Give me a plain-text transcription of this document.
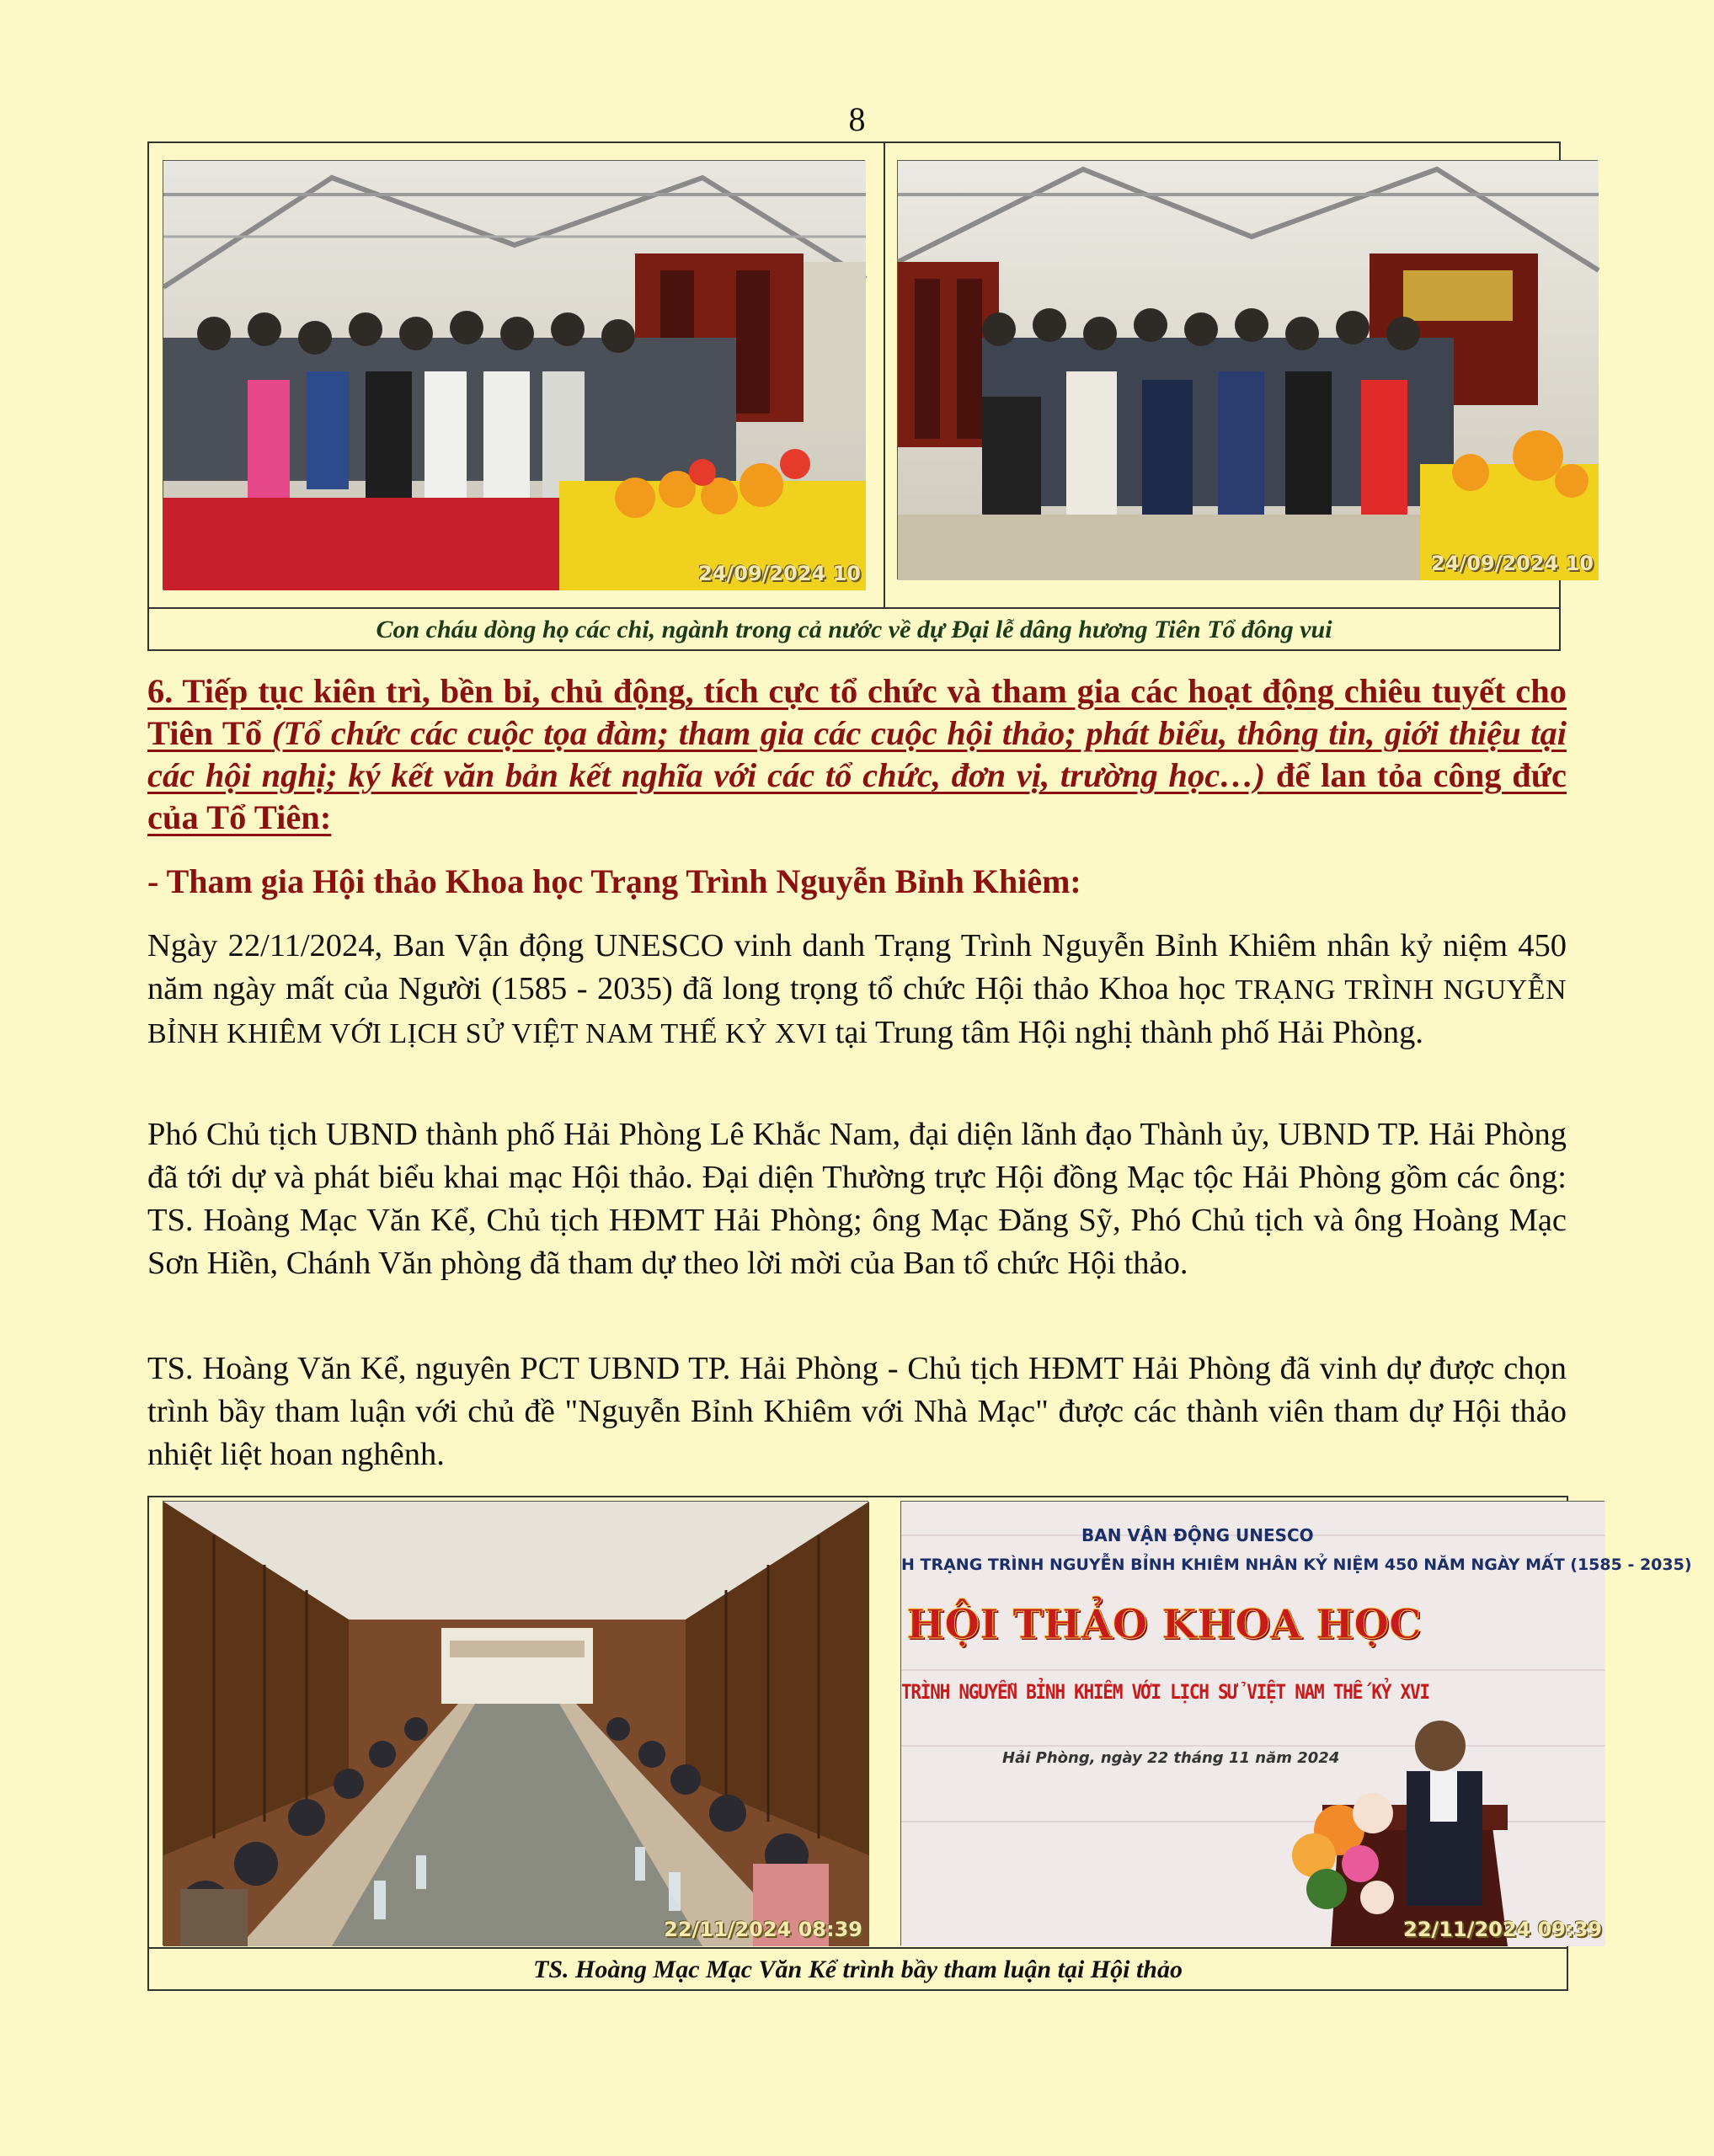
8
24/09/2024 10	24/09/2024 10
Con cháu dòng họ các chi, ngành trong cả nước về dự Đại lễ dâng hương Tiên Tổ đông vui
6. Tiếp tục kiên trì, bền bỉ, chủ động, tích cực tổ chức và tham gia các hoạt động chiêu tuyết cho Tiên Tổ (Tổ chức các cuộc tọa đàm; tham gia các cuộc hội thảo; phát biểu, thông tin, giới thiệu tại các hội nghị; ký kết văn bản kết nghĩa với các tổ chức, đơn vị, trường học…) để lan tỏa công đức của Tổ Tiên:
- Tham gia Hội thảo Khoa học Trạng Trình Nguyễn Bỉnh Khiêm:

Ngày 22/11/2024, Ban Vận động UNESCO vinh danh Trạng Trình Nguyễn Bỉnh Khiêm nhân kỷ niệm 450 năm ngày mất của Người (1585 - 2035) đã long trọng tổ chức Hội thảo Khoa học TRẠNG TRÌNH NGUYỄN BỈNH KHIÊM VỚI LỊCH SỬ VIỆT NAM THẾ KỶ XVI tại Trung tâm Hội nghị thành phố Hải Phòng.

Phó Chủ tịch UBND thành phố Hải Phòng Lê Khắc Nam, đại diện lãnh đạo Thành ủy, UBND TP. Hải Phòng đã tới dự và phát biểu khai mạc Hội thảo. Đại diện Thường trực Hội đồng Mạc tộc Hải Phòng gồm các ông: TS. Hoàng Mạc Văn Kể, Chủ tịch HĐMT Hải Phòng; ông Mạc Đăng Sỹ, Phó Chủ tịch và ông Hoàng Mạc Sơn Hiền, Chánh Văn phòng đã tham dự theo lời mời của Ban tổ chức Hội thảo.

TS. Hoàng Văn Kể, nguyên PCT UBND TP. Hải Phòng - Chủ tịch HĐMT Hải Phòng đã vinh dự được chọn trình bầy tham luận với chủ đề "Nguyễn Bỉnh Khiêm với Nhà Mạc" được các thành viên tham dự Hội thảo nhiệt liệt hoan nghênh.

22/11/2024 08:39
BAN VẬN ĐỘNG UNESCO
H TRẠNG TRÌNH NGUYỄN BỈNH KHIÊM NHÂN KỶ NIỆM 450 NĂM NGÀY MẤT (1585 - 2035)
HỘI THẢO KHOA HỌC
TRÌNH NGUYỄN BỈNH KHIÊM VỚI LỊCH SỬ VIỆT NAM THẾ KỶ XVI
Hải Phòng, ngày 22 tháng 11 năm 2024
22/11/2024 09:39
TS. Hoàng Mạc Mạc Văn Kể trình bầy tham luận tại Hội thảo
